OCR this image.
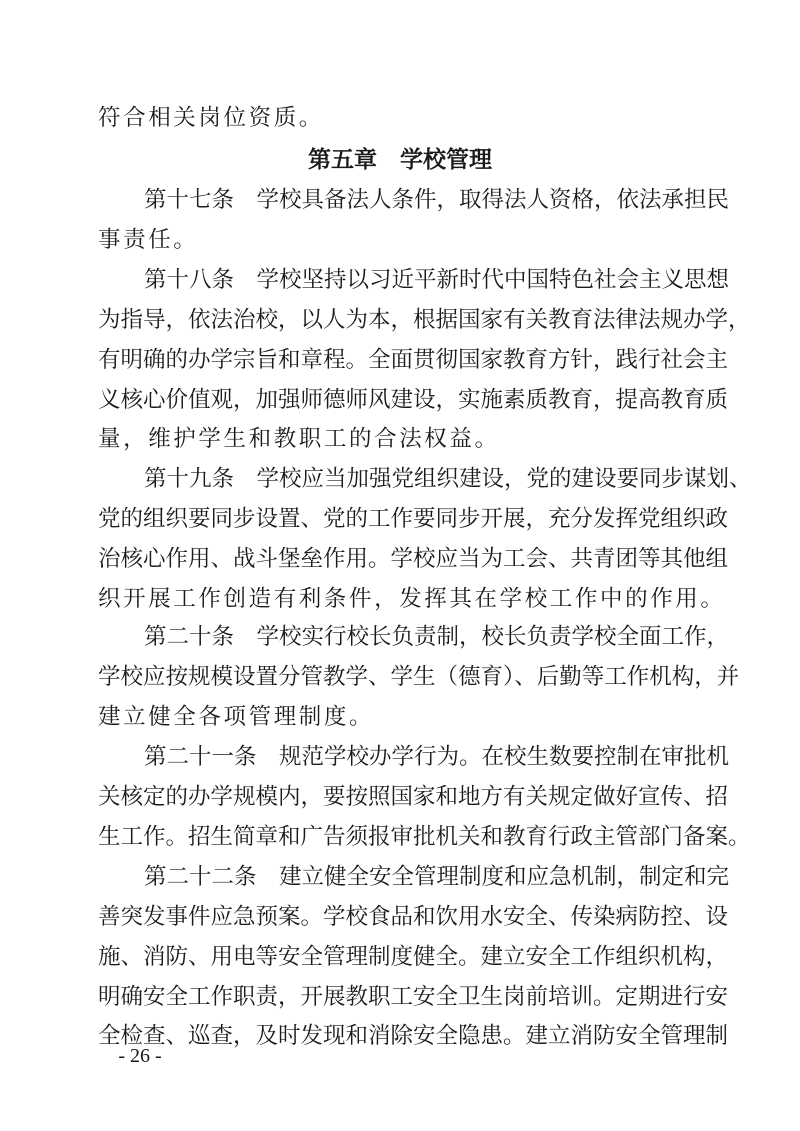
符合相关岗位资质。
第五章　学校管理
第十七条　学校具备法人条件，取得法人资格，依法承担民
事责任。
第十八条　学校坚持以习近平新时代中国特色社会主义思想
为指导，依法治校，以人为本，根据国家有关教育法律法规办学，
有明确的办学宗旨和章程。全面贯彻国家教育方针，践行社会主
义核心价值观，加强师德师风建设，实施素质教育，提高教育质
量，维护学生和教职工的合法权益。
第十九条　学校应当加强党组织建设，党的建设要同步谋划、
党的组织要同步设置、党的工作要同步开展，充分发挥党组织政
治核心作用、战斗堡垒作用。学校应当为工会、共青团等其他组
织开展工作创造有利条件，发挥其在学校工作中的作用。
第二十条　学校实行校长负责制，校长负责学校全面工作，
学校应按规模设置分管教学、学生（德育）、后勤等工作机构，并
建立健全各项管理制度。
第二十一条　规范学校办学行为。在校生数要控制在审批机
关核定的办学规模内，要按照国家和地方有关规定做好宣传、招
生工作。招生简章和广告须报审批机关和教育行政主管部门备案。
第二十二条　建立健全安全管理制度和应急机制，制定和完
善突发事件应急预案。学校食品和饮用水安全、传染病防控、设
施、消防、用电等安全管理制度健全。建立安全工作组织机构，
明确安全工作职责，开展教职工安全卫生岗前培训。定期进行安
全检查、巡查，及时发现和消除安全隐患。建立消防安全管理制
- 26 -
